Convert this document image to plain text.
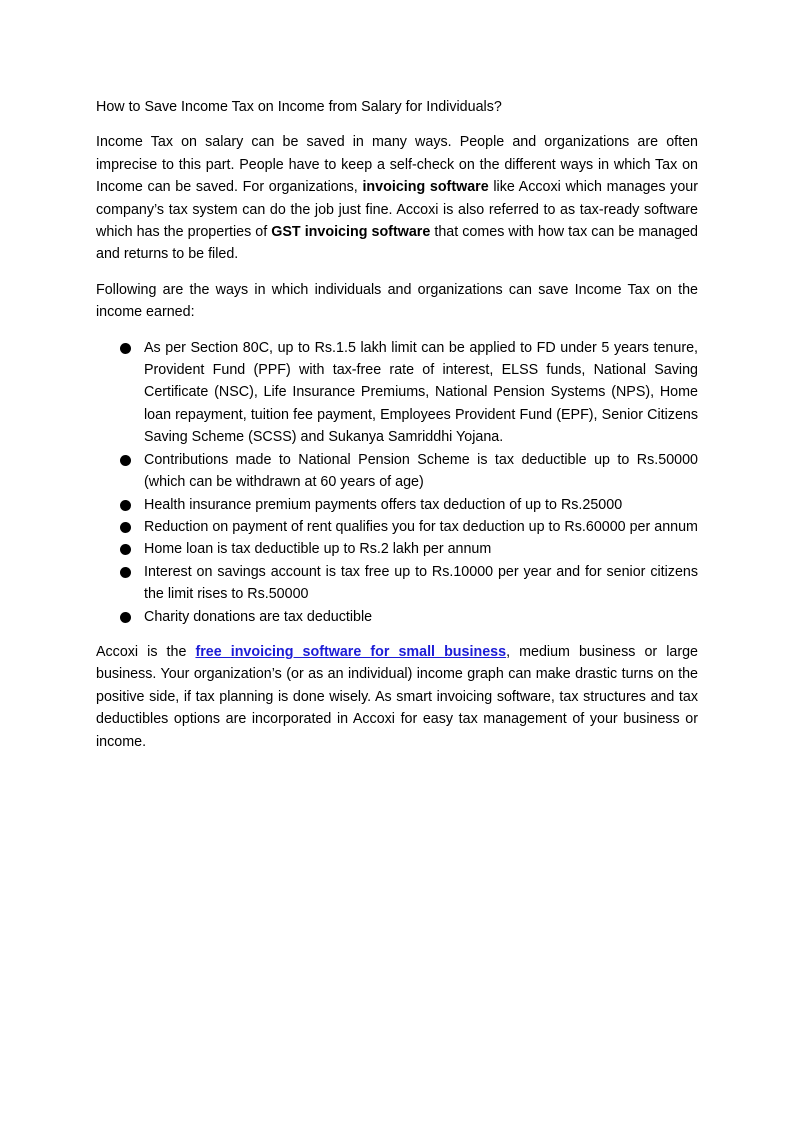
How to Save Income Tax on Income from Salary for Individuals?

Income Tax on salary can be saved in many ways. People and organizations are often imprecise to this part. People have to keep a self-check on the different ways in which Tax on Income can be saved. For organizations, invoicing software like Accoxi which manages your company’s tax system can do the job just fine. Accoxi is also referred to as tax-ready software which has the properties of GST invoicing software that comes with how tax can be managed and returns to be filed.

Following are the ways in which individuals and organizations can save Income Tax on the income earned:

As per Section 80C, up to Rs.1.5 lakh limit can be applied to FD under 5 years tenure, Provident Fund (PPF) with tax-free rate of interest, ELSS funds, National Saving Certificate (NSC), Life Insurance Premiums, National Pension Systems (NPS), Home loan repayment, tuition fee payment, Employees Provident Fund (EPF), Senior Citizens Saving Scheme (SCSS) and Sukanya Samriddhi Yojana.
Contributions made to National Pension Scheme is tax deductible up to Rs.50000 (which can be withdrawn at 60 years of age)
Health insurance premium payments offers tax deduction of up to Rs.25000
Reduction on payment of rent qualifies you for tax deduction up to Rs.60000 per annum
Home loan is tax deductible up to Rs.2 lakh per annum
Interest on savings account is tax free up to Rs.10000 per year and for senior citizens the limit rises to Rs.50000
Charity donations are tax deductible

Accoxi is the free invoicing software for small business, medium business or large business. Your organization’s (or as an individual) income graph can make drastic turns on the positive side, if tax planning is done wisely. As smart invoicing software, tax structures and tax deductibles options are incorporated in Accoxi for easy tax management of your business or income.
